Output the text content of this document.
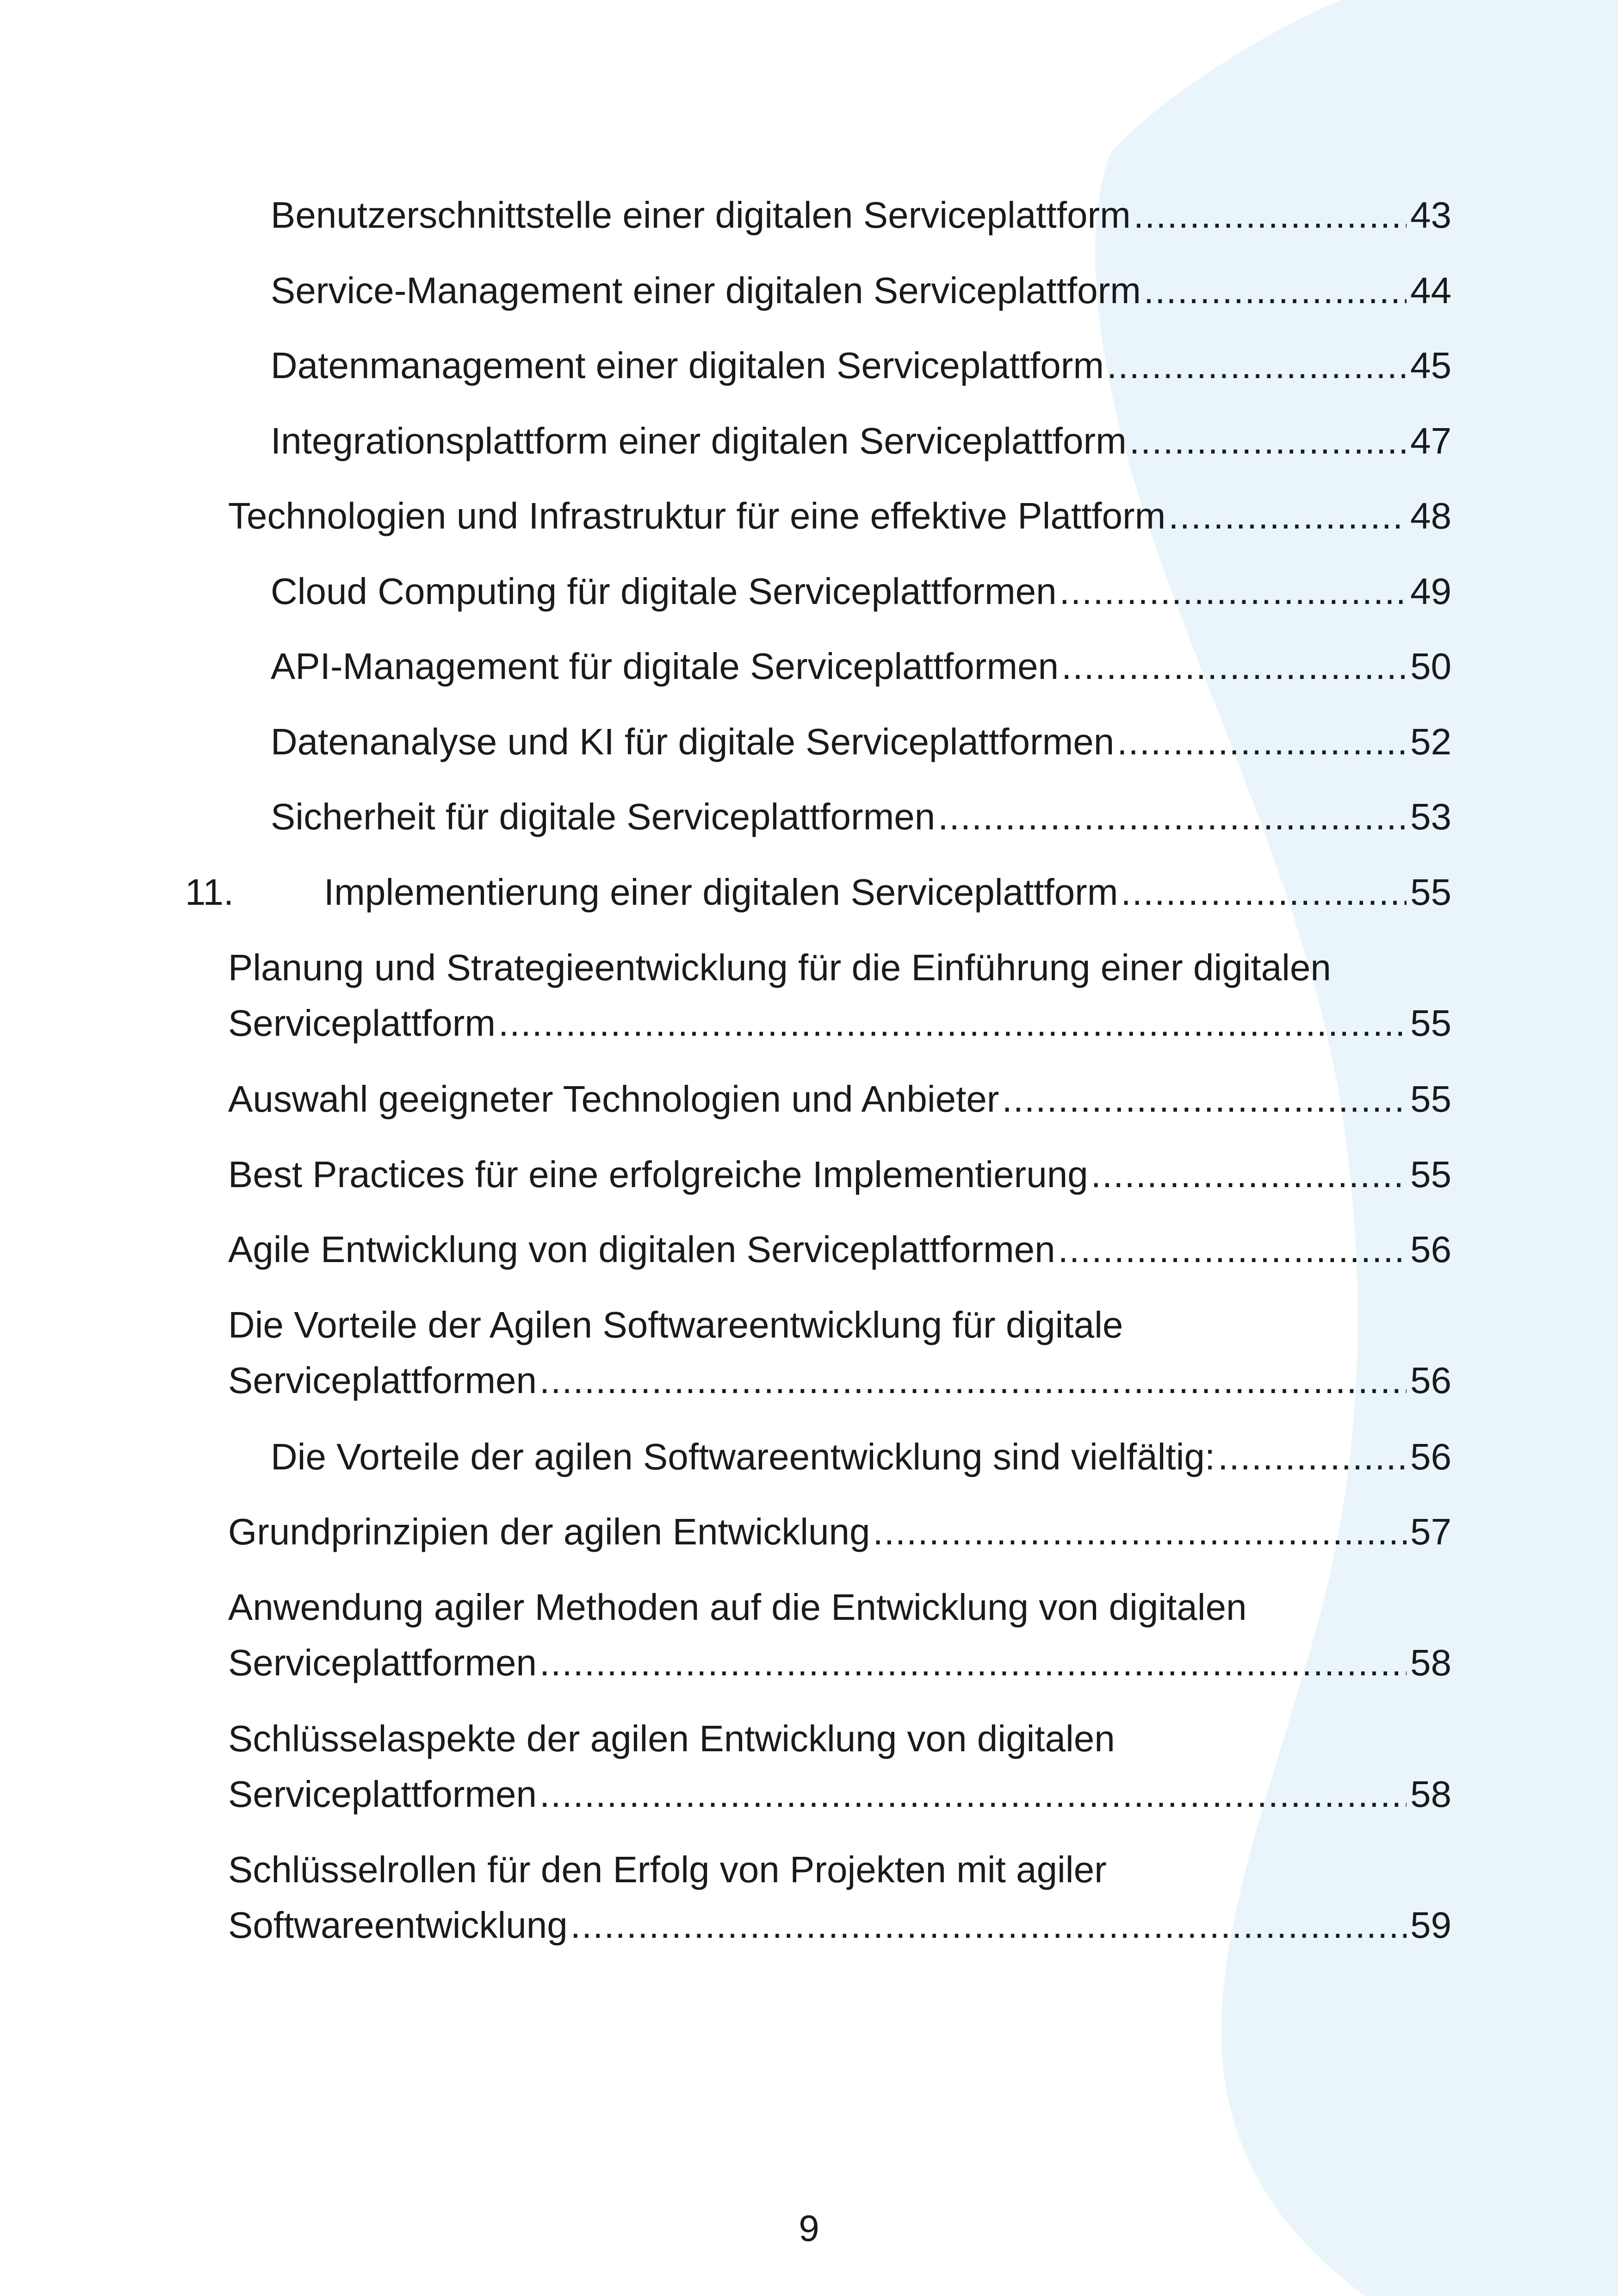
Benutzerschnittstelle einer digitalen Serviceplattform .....	43
Service-Management einer digitalen Serviceplattform .....	44
Datenmanagement einer digitalen Serviceplattform .....	45
Integrationsplattform einer digitalen Serviceplattform .....	47
Technologien und Infrastruktur für eine effektive Plattform .....	48
Cloud Computing für digitale Serviceplattformen .....	49
API-Management für digitale Serviceplattformen .....	50
Datenanalyse und KI für digitale Serviceplattformen .....	52
Sicherheit für digitale Serviceplattformen .....	53
11.	Implementierung einer digitalen Serviceplattform .....	55
Planung und Strategieentwicklung für die Einführung einer digitalen
Serviceplattform .....	55
Auswahl geeigneter Technologien und Anbieter .....	55
Best Practices für eine erfolgreiche Implementierung .....	55
Agile Entwicklung von digitalen Serviceplattformen .....	56
Die Vorteile der Agilen Softwareentwicklung für digitale
Serviceplattformen .....	56
Die Vorteile der agilen Softwareentwicklung sind vielfältig: .....	56
Grundprinzipien der agilen Entwicklung .....	57
Anwendung agiler Methoden auf die Entwicklung von digitalen
Serviceplattformen .....	58
Schlüsselaspekte der agilen Entwicklung von digitalen
Serviceplattformen .....	58
Schlüsselrollen für den Erfolg von Projekten mit agiler
Softwareentwicklung .....	59
9
